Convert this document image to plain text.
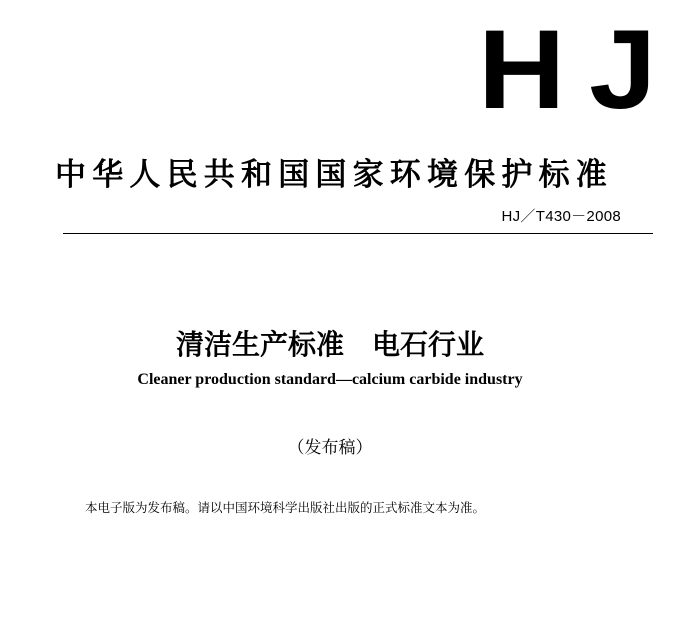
HJ
中华人民共和国国家环境保护标准
HJ／T430－2008
清洁生产标准　电石行业
Cleaner production standard—calcium carbide industry
（发布稿）
本电子版为发布稿。请以中国环境科学出版社出版的正式标准文本为准。
